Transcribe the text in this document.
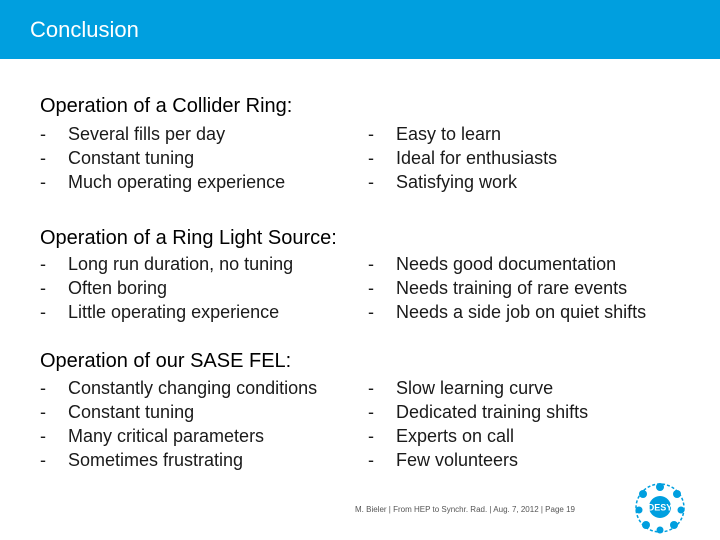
Conclusion
Operation of a Collider Ring:
- Several fills per day
- Constant tuning
- Much operating experience
- Easy to learn
- Ideal for enthusiasts
- Satisfying work
Operation of a Ring Light Source:
- Long run duration, no tuning
- Often boring
- Little operating experience
- Needs good documentation
- Needs training of rare events
- Needs a side job on quiet shifts
Operation of our SASE FEL:
- Constantly changing conditions
- Constant tuning
- Many critical parameters
- Sometimes frustrating
- Slow learning curve
- Dedicated training shifts
- Experts on call
- Few volunteers
M. Bieler | From HEP to Synchr. Rad. | Aug. 7, 2012 | Page 19	DESY
